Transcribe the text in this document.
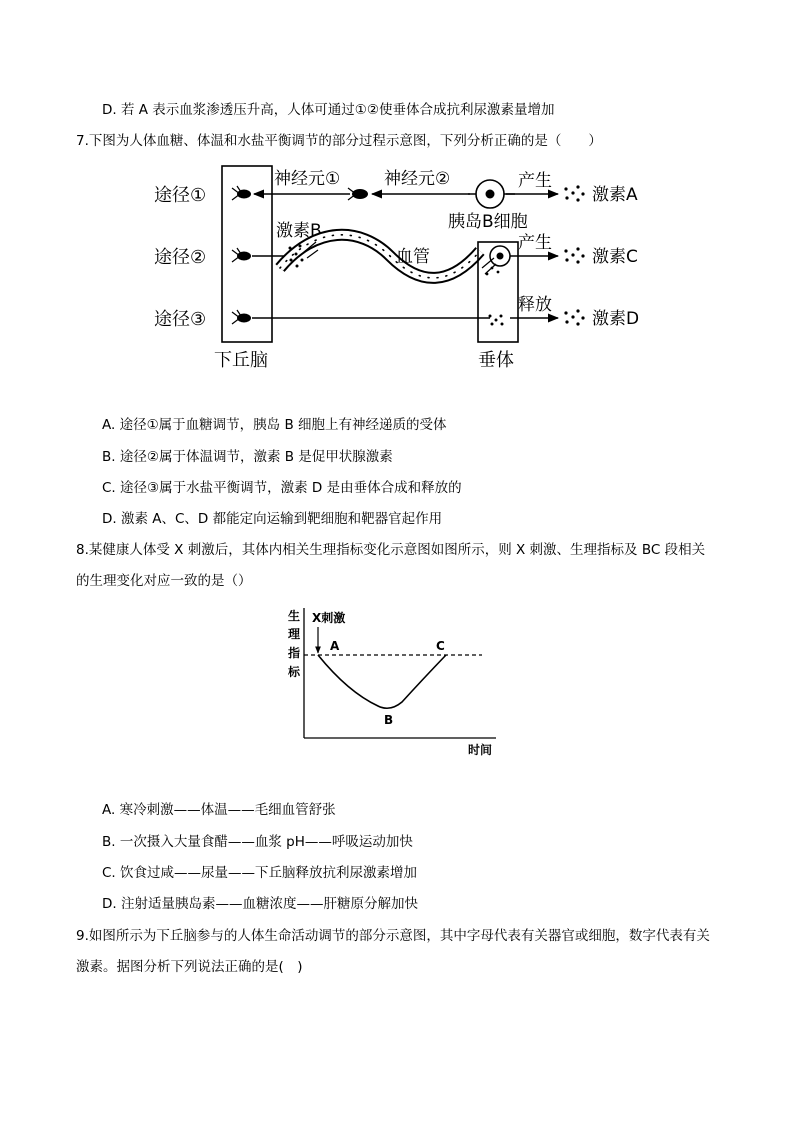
D. 若 A 表示血浆渗透压升高，人体可通过①②使垂体合成抗利尿激素量增加
7.下图为人体血糖、体温和水盐平衡调节的部分过程示意图，下列分析正确的是（　　）
途径①
途径②
途径③
下丘脑
神经元①	神经元②
胰岛B细胞
产生
激素A
激素B
血管
垂体
产生
激素C
释放
激素D
A. 途径①属于血糖调节，胰岛 B 细胞上有神经递质的受体
B. 途径②属于体温调节，激素 B 是促甲状腺激素
C. 途径③属于水盐平衡调节，激素 D 是由垂体合成和释放的
D. 激素 A、C、D 都能定向运输到靶细胞和靶器官起作用
8.某健康人体受 X 刺激后，其体内相关生理指标变化示意图如图所示，则 X 刺激、生理指标及 BC 段相关
的生理变化对应一致的是（）
生
理
指
标
时间
X刺激
A
B
C
A. 寒冷刺激——体温——毛细血管舒张
B. 一次摄入大量食醋——血浆 pH——呼吸运动加快
C. 饮食过咸——尿量——下丘脑释放抗利尿激素增加
D. 注射适量胰岛素——血糖浓度——肝糖原分解加快
9.如图所示为下丘脑参与的人体生命活动调节的部分示意图，其中字母代表有关器官或细胞，数字代表有关
激素。据图分析下列说法正确的是(　)
